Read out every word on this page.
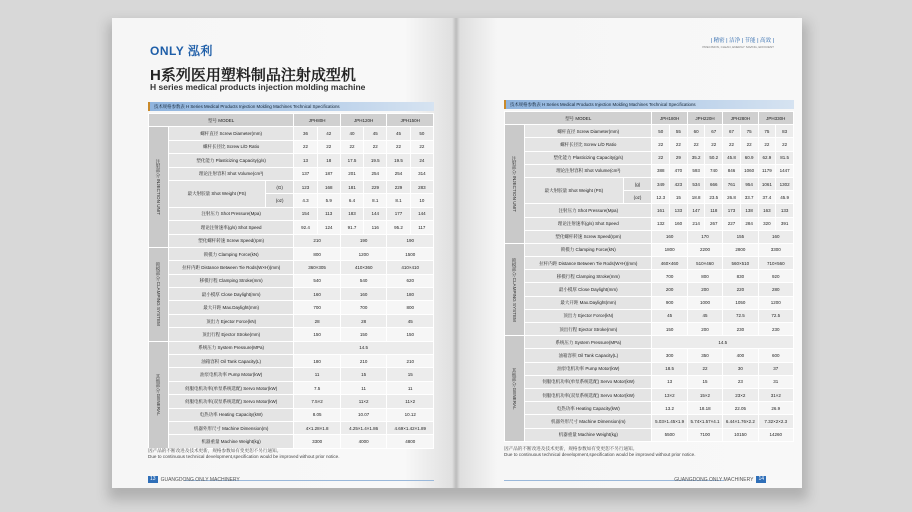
ONLY 泓利
H系列医用塑料制品注射成型机
H series medical products injection molding machine
技术规格参数表 H Series Medical Products Injection Molding Machines Technical Specifications
型号 MODEL			JPH80H		JPH120H		JPH150H	

注射部分 INJECTION UNIT	螺杆直径 Screw Diameter(mm)		36	42	40	45	45	50
	螺杆长径比 Screw L/D Ratio		22	22	22	22	22	22
	塑化能力 Plasticizing Capacity(g/s)		13	18	17.5	19.5	19.5	24
	理论注射容积 Shot Volume(cm³)		137	187	201	254	254	314
	最大射胶量 Shot Weight (PS)	(G)	123	168	181	229	229	283
		(oz)	4.3	5.9	6.4	8.1	8.1	10
	注射压力 Shot Pressure(Mpa)		154	113	183	144	177	144
	理论注射速率(g/s) Shot Speed		92.4	124	91.7	116	95.2	117
	塑化螺杆转速 Screw Speed(rpm)		210		190		190	

锁模部分 CLAMPING SYSTEM	锁模力 Clamping Force(kN)		800		1200		1500	
	拉杆内距 Distance Between Tie Rods(W×H)(mm)		360×305		410×360		410×410	
	移模行程 Clamping Stroke(mm)		540		540		620	
	最小模厚 Close Daylight(mm)		160		160		180	
	最大开距 Max.Daylight(mm)		700		700		800	
	顶出力 Ejector Force(kN)		28		28		45	
	顶出行程 Ejector Stroke(mm)		150		150		150	

其他部分 GENERAL	系统压力 System Pressure(MPa)		14.5					
	油箱容积 Oil Tank Capacity(L)		180		210		210	
	油泵电机功率 Pump Motor(kW)		11		15		15	
	伺服电机功率(单泵系统选配) Servo Motor(kW)		7.5		11		11	
	伺服电机功率(双泵系统选配) Servo Motor(kW)		7.5×2		11×2		11×2	
	电热功率 Heating Capacity(kW)		8.05		10.07		10.12	
	机器外形尺寸 Machine Dimension(m)		4×1.28×1.8		4.25×1.4×1.86		4.69×1.42×1.89	
	机器重量 Machine Weight(kg)		3300		4000		4800	
因产品的不断改进及技术更新，规格参数如有变更恕不另行通知。
Due to continuous technical development,specification would be improved without prior notice.
13	GUANGDONG ONLY MACHINERY
| 精密 | 洁净 | 节能 | 高效 |
PRECISION, CLEAN, ENERGY SAVING, EFFICIENT
技术规格参数表 H Series Medical Products Injection Molding Machines Technical Specifications
型号 MODEL			JPH180H		JPH220H		JPH280H		JPH330H	

注射部分 INJECTION UNIT	螺杆直径 Screw Diameter(mm)		50	55	60	67	67	75	75	83
	螺杆长径比 Screw L/D Ratio		22	22	22	22	22	22	22	22
	塑化能力 Plasticizing Capacity(g/s)		22	29	35.2	50.2	45.8	60.9	62.9	81.5
	理论注射容积 Shot Volume(cm³)		388	470	593	740	846	1060	1179	1447
	最大射胶量 Shot Weight (PS)	(g)	349	423	534	666	761	954	1061	1302
		(oz)	12.3	15	18.8	23.5	26.8	33.7	37.4	45.9
	注射压力 Shot Pressure(Mpa)		161	133	147	118	173	138	163	133
	理论注射速率(g/s) Shot Speed		132	160	214	267	227	284	320	391
	塑化螺杆转速 Screw Speed(rpm)		160		170		155		160	

锁模部分 CLAMPING SYSTEM	锁模力 Clamping Force(kN)		1800		2200		2800		3300	
	拉杆内距 Distance Between Tie Rods(W×H)(mm)		460×460		510×460		560×510		710×560	
	移模行程 Clamping Stroke(mm)		700		800		830		920	
	最小模厚 Close Daylight(mm)		200		200		220		280	
	最大开距 Max.Daylight(mm)		900		1000		1050		1200	
	顶出力 Ejector Force(kN)		45		45		72.5		72.5	
	顶出行程 Ejector Stroke(mm)		150		200		230		230	

其他部分 GENERAL	系统压力 System Pressure(MPa)		14.5							
	油箱容积 Oil Tank Capacity(L)		300		350		400		600	
	油泵电机功率 Pump Motor(kW)		18.5		22		30		37	
	伺服电机功率(单泵系统选配) Servo Motor(kW)		13		15		23		31	
	伺服电机功率(双泵系统选配) Servo Motor(kW)		13×2		15×2		23×2		31×2	
	电热功率 Heating Capacity(kW)		13.2		18.18		22.05		26.9	
	机器外形尺寸 Machine Dimension(m)		5.03×1.45×1.9		5.74×1.57×4.1		6.44×1.76×2.2		7.32×2×2.3	
	机器重量 Machine Weight(kg)		5500		7100		10150		14260	
因产品的不断改进及技术更新，规格参数如有变更恕不另行通知。
Due to continuous technical development,specification would be improved without prior notice.
GUANGDONG ONLY MACHINERY	14
